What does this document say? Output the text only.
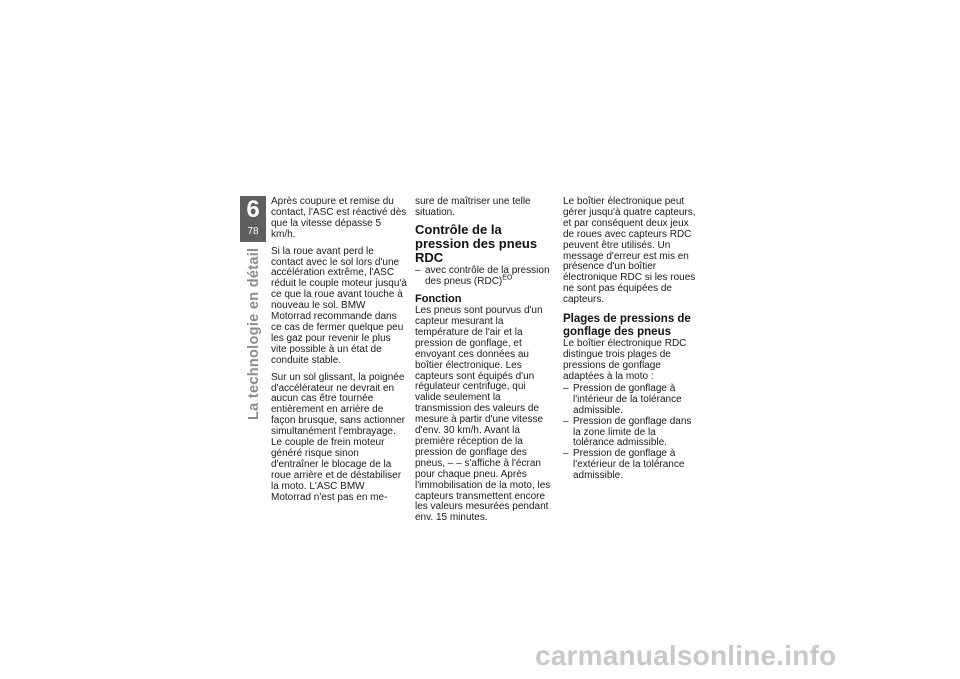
6
78
La technologie en détail

Après coupure et remise du contact, l'ASC est réactivé dès que la vitesse dépasse 5 km/h.

Si la roue avant perd le contact avec le sol lors d'une accélération extrême, l'ASC réduit le couple moteur jusqu'à ce que la roue avant touche à nouveau le sol. BMW Motorrad recommande dans ce cas de fermer quelque peu les gaz pour revenir le plus vite possible à un état de conduite stable.

Sur un sol glissant, la poignée d'accélérateur ne devrait en aucun cas être tournée entièrement en arrière de façon brusque, sans actionner simultanément l'embrayage. Le couple de frein moteur généré risque sinon d'entraîner le blocage de la roue arrière et de déstabiliser la moto. L'ASC BMW Motorrad n'est pas en me-

sure de maîtriser une telle situation.

Contrôle de la pression des pneus RDC
– avec contrôle de la pression des pneus (RDC)$^{EO}$
Fonction

Les pneus sont pourvus d'un capteur mesurant la température de l'air et la pression de gonflage, et envoyant ces données au boîtier électronique. Les capteurs sont équipés d'un régulateur centrifuge, qui valide seulement la transmission des valeurs de mesure à partir d'une vitesse d'env. 30 km/h. Avant la première réception de la pression de gonflage des pneus, – – s'affiche à l'écran pour chaque pneu. Après l'immobilisation de la moto, les capteurs transmettent encore les valeurs mesurées pendant env. 15 minutes.

Le boîtier électronique peut gérer jusqu'à quatre capteurs, et par conséquent deux jeux de roues avec capteurs RDC peuvent être utilisés. Un message d'erreur est mis en présence d'un boîtier électronique RDC si les roues ne sont pas équipées de capteurs.

Plages de pressions de gonflage des pneus

Le boîtier électronique RDC distingue trois plages de pressions de gonflage adaptées à la moto :

– Pression de gonflage à l'intérieur de la tolérance admissible.
– Pression de gonflage dans la zone limite de la tolérance admissible.
– Pression de gonflage à l'extérieur de la tolérance admissible.
carmanualsonline.info
